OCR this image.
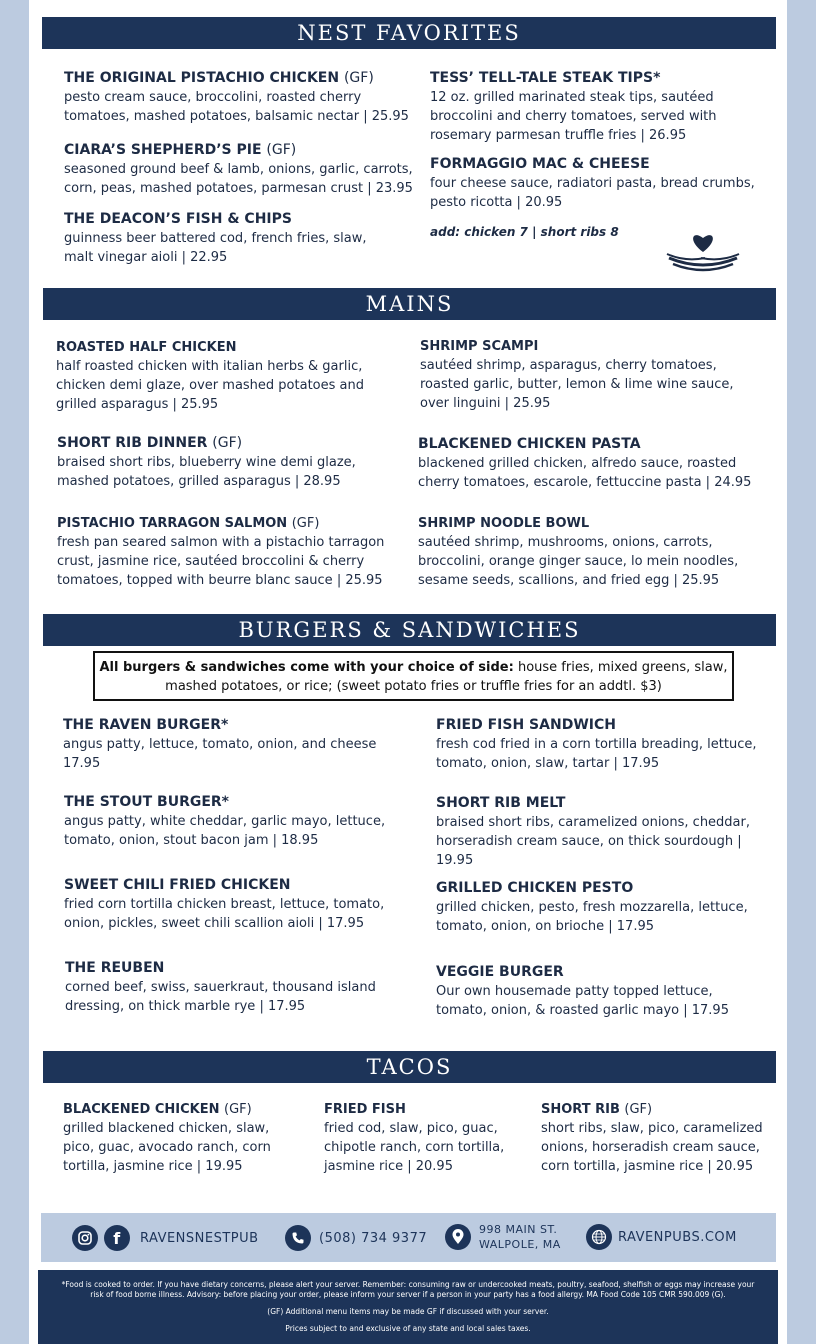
NEST FAVORITES
THE ORIGINAL PISTACHIO CHICKEN (GF)
pesto cream sauce, broccolini, roasted cherry tomatoes, mashed potatoes, balsamic nectar | 25.95
CIARA’S SHEPHERD’S PIE (GF)
seasoned ground beef & lamb, onions, garlic, carrots, corn, peas, mashed potatoes, parmesan crust | 23.95
THE DEACON’S FISH & CHIPS
guinness beer battered cod, french fries, slaw, malt vinegar aioli | 22.95
TESS’ TELL-TALE STEAK TIPS*
12 oz. grilled marinated steak tips, sautéed broccolini and cherry tomatoes, served with rosemary parmesan truffle fries | 26.95
FORMAGGIO MAC & CHEESE
four cheese sauce, radiatori pasta, bread crumbs, pesto ricotta | 20.95
add: chicken 7 | short ribs 8
MAINS
ROASTED HALF CHICKEN
half roasted chicken with italian herbs & garlic, chicken demi glaze, over mashed potatoes and grilled asparagus | 25.95
SHORT RIB DINNER (GF)
braised short ribs, blueberry wine demi glaze, mashed potatoes, grilled asparagus | 28.95
PISTACHIO TARRAGON SALMON (GF)
fresh pan seared salmon with a pistachio tarragon crust, jasmine rice, sautéed broccolini & cherry tomatoes, topped with beurre blanc sauce | 25.95
SHRIMP SCAMPI
sautéed shrimp, asparagus, cherry tomatoes, roasted garlic, butter, lemon & lime wine sauce, over linguini | 25.95
BLACKENED CHICKEN PASTA
blackened grilled chicken, alfredo sauce, roasted cherry tomatoes, escarole, fettuccine pasta | 24.95
SHRIMP NOODLE BOWL
sautéed shrimp, mushrooms, onions, carrots, broccolini, orange ginger sauce, lo mein noodles, sesame seeds, scallions, and fried egg | 25.95
BURGERS & SANDWICHES
All burgers & sandwiches come with your choice of side: house fries, mixed greens, slaw,
mashed potatoes, or rice; (sweet potato fries or truffle fries for an addtl. $3)
THE RAVEN BURGER*
angus patty, lettuce, tomato, onion, and cheese 17.95
THE STOUT BURGER*
angus patty, white cheddar, garlic mayo, lettuce, tomato, onion, stout bacon jam | 18.95
SWEET CHILI FRIED CHICKEN
fried corn tortilla chicken breast, lettuce, tomato, onion, pickles, sweet chili scallion aioli | 17.95
THE REUBEN
corned beef, swiss, sauerkraut, thousand island dressing, on thick marble rye | 17.95
FRIED FISH SANDWICH
fresh cod fried in a corn tortilla breading, lettuce, tomato, onion, slaw, tartar | 17.95
SHORT RIB MELT
braised short ribs, caramelized onions, cheddar, horseradish cream sauce, on thick sourdough | 19.95
GRILLED CHICKEN PESTO
grilled chicken, pesto, fresh mozzarella, lettuce, tomato, onion, on brioche | 17.95
VEGGIE BURGER
Our own housemade patty topped lettuce, tomato, onion, & roasted garlic mayo | 17.95
TACOS
BLACKENED CHICKEN (GF)
grilled blackened chicken, slaw, pico, guac, avocado ranch, corn tortilla, jasmine rice | 19.95
FRIED FISH
fried cod, slaw, pico, guac, chipotle ranch, corn tortilla, jasmine rice | 20.95
SHORT RIB (GF)
short ribs, slaw, pico, caramelized onions, horseradish cream sauce, corn tortilla, jasmine rice | 20.95
f	RAVENSNESTPUB	(508) 734 9377
998 MAIN ST.
WALPOLE, MA	RAVENPUBS.COM

*Food is cooked to order. If you have dietary concerns, please alert your server. Remember: consuming raw or undercooked meats, poultry, seafood, shelfish or eggs may increase your risk of food borne illness. Advisory: before placing your order, please inform your server if a person in your party has a food allergy. MA Food Code 105 CMR 590.009 (G).

(GF) Additional menu items may be made GF if discussed with your server.

Prices subject to and exclusive of any state and local sales taxes.
